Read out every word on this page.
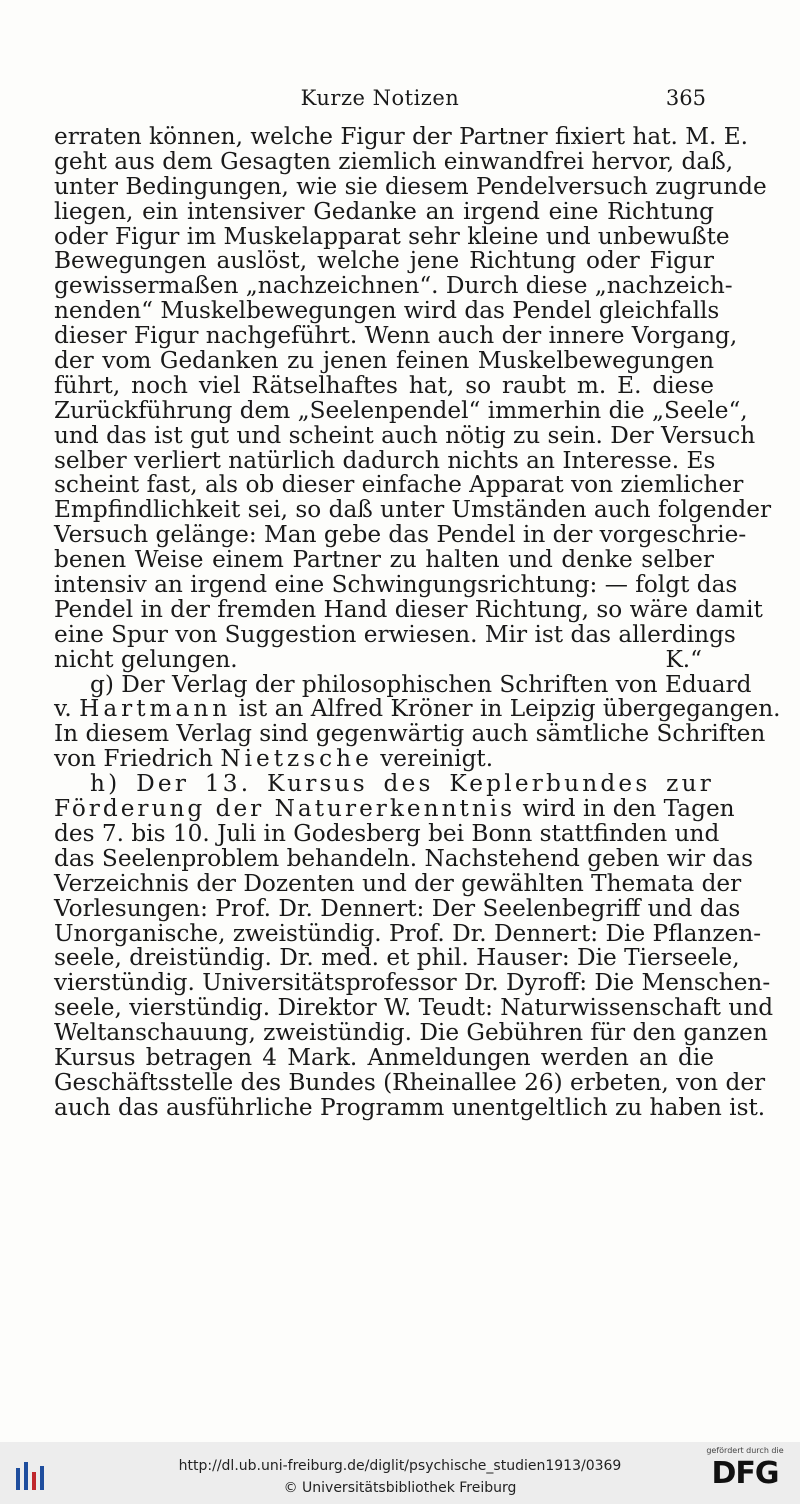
Kurze Notizen	365
erraten können, welche Figur der Partner fixiert hat. M. E.
geht aus dem Gesagten ziemlich einwandfrei hervor, daß,
unter Bedingungen, wie sie diesem Pendelversuch zugrunde
liegen, ein intensiver Gedanke an irgend eine Richtung
oder Figur im Muskelapparat sehr kleine und unbewußte
Bewegungen auslöst, welche jene Richtung oder Figur
gewissermaßen „nachzeichnen“. Durch diese „nachzeich-
nenden“ Muskelbewegungen wird das Pendel gleichfalls
dieser Figur nachgeführt. Wenn auch der innere Vorgang,
der vom Gedanken zu jenen feinen Muskelbewegungen
führt, noch viel Rätselhaftes hat, so raubt m. E. diese
Zurückführung dem „Seelenpendel“ immerhin die „Seele“,
und das ist gut und scheint auch nötig zu sein. Der Versuch
selber verliert natürlich dadurch nichts an Interesse. Es
scheint fast, als ob dieser einfache Apparat von ziemlicher
Empfindlichkeit sei, so daß unter Umständen auch folgender
Versuch gelänge: Man gebe das Pendel in der vorgeschrie-
benen Weise einem Partner zu halten und denke selber
intensiv an irgend eine Schwingungsrichtung: — folgt das
Pendel in der fremden Hand dieser Richtung, so wäre damit
eine Spur von Suggestion erwiesen. Mir ist das allerdings
nicht gelungen.	K.“
g) Der Verlag der philosophischen Schriften von Eduard
v. Hartmann ist an Alfred Kröner in Leipzig übergegangen.
In diesem Verlag sind gegenwärtig auch sämtliche Schriften
von Friedrich Nietzsche vereinigt.
h) Der 13. Kursus des Keplerbundes zur
Förderung der Naturerkenntnis wird in den Tagen
des 7. bis 10. Juli in Godesberg bei Bonn stattfinden und
das Seelenproblem behandeln. Nachstehend geben wir das
Verzeichnis der Dozenten und der gewählten Themata der
Vorlesungen: Prof. Dr. Dennert: Der Seelenbegriff und das
Unorganische, zweistündig. Prof. Dr. Dennert: Die Pflanzen-
seele, dreistündig. Dr. med. et phil. Hauser: Die Tierseele,
vierstündig. Universitätsprofessor Dr. Dyroff: Die Menschen-
seele, vierstündig. Direktor W. Teudt: Naturwissenschaft und
Weltanschauung, zweistündig. Die Gebühren für den ganzen
Kursus betragen 4 Mark. Anmeldungen werden an die
Geschäftsstelle des Bundes (Rheinallee 26) erbeten, von der
auch das ausführliche Programm unentgeltlich zu haben ist.
http://dl.ub.uni-freiburg.de/diglit/psychische_studien1913/0369
© Universitätsbibliothek Freiburg
gefördert durch die
DFG
